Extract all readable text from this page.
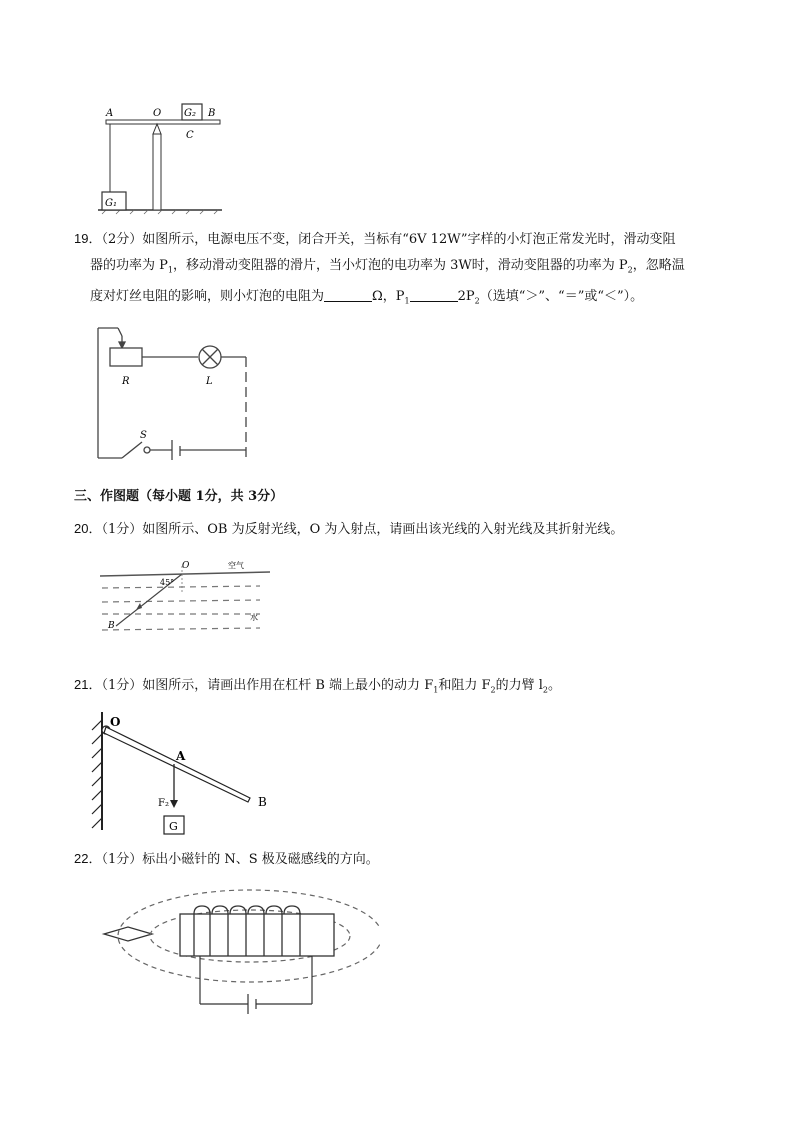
A	O G₂ B
C
G₁
19．（2分）如图所示，电源电压不变，闭合开关，当标有“6V 12W”字样的小灯泡正常发光时，滑动变阻
器的功率为 $P_1$，移动滑动变阻器的滑片，当小灯泡的电功率为 3W时，滑动变阻器的功率为 $P_2$，忽略温
度对灯丝电阻的影响，则小灯泡的电阻为	Ω，$P_1$	$2P_2$（选填“＞”、“＝”或“＜”）。
R	L
S
三、作图题（每小题 1分，共 3分）
20．（1分）如图所示、OB 为反射光线，O 为入射点，请画出该光线的入射光线及其折射光线。
O
45°
空气
水
B
21．（1分）如图所示，请画出作用在杠杆 B 端上最小的动力 $F_1$和阻力 $F_2$的力臂 $l_2$。
O
A
F₂
G
B
22．（1分）标出小磁针的 N、S 极及磁感线的方向。
